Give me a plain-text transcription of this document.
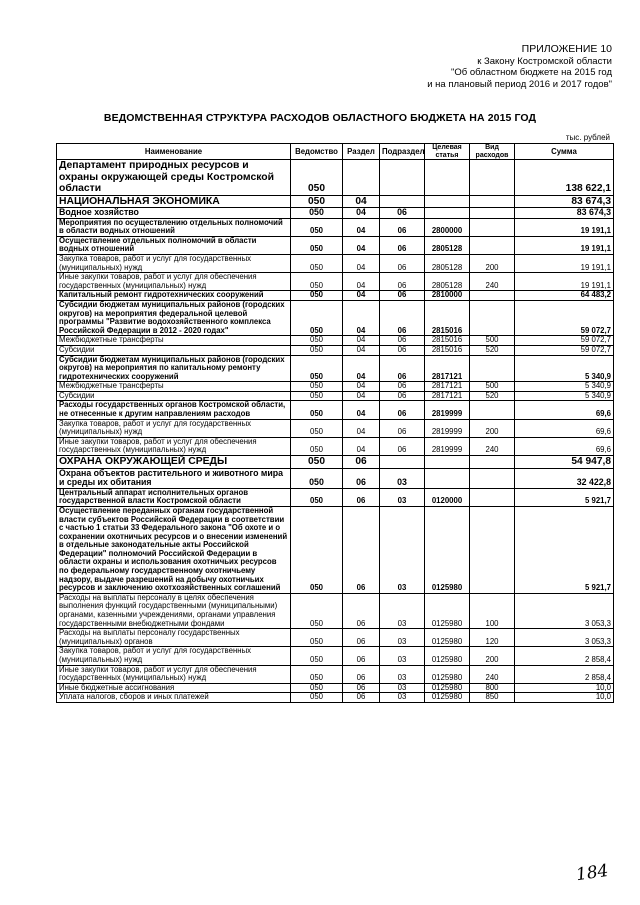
ПРИЛОЖЕНИЕ 10
к Закону Костромской области
"Об областном бюджете на 2015 год
и на плановый период 2016 и 2017 годов"
ВЕДОМСТВЕННАЯ СТРУКТУРА РАСХОДОВ ОБЛАСТНОГО БЮДЖЕТА НА 2015 ГОД
тыс. рублей
Наименование	Ведомство	Раздел	Подраздел	Целевая статья	Вид расходов	Сумма
Департамент природных ресурсов и охраны окружающей среды Костромской области	050					138 622,1
НАЦИОНАЛЬНАЯ ЭКОНОМИКА	050	04				83 674,3
Водное хозяйство	050	04	06			83 674,3
Мероприятия по осуществлению отдельных полномочий в области водных отношений	050	04	06	2800000		19 191,1
Осуществление отдельных полномочий в области водных отношений	050	04	06	2805128		19 191,1
Закупка товаров, работ и услуг для государственных (муниципальных) нужд	050	04	06	2805128	200	19 191,1
Иные закупки товаров, работ и услуг для обеспечения государственных (муниципальных) нужд	050	04	06	2805128	240	19 191,1
Капитальный ремонт гидротехнических сооружений	050	04	06	2810000		64 483,2
Субсидии бюджетам муниципальных районов (городских округов) на мероприятия федеральной целевой программы "Развитие водохозяйственного комплекса Российской Федерации в 2012 - 2020 годах"	050	04	06	2815016		59 072,7
Межбюджетные трансферты	050	04	06	2815016	500	59 072,7
Субсидии	050	04	06	2815016	520	59 072,7
Субсидии бюджетам муниципальных районов (городских округов) на мероприятия по капитальному ремонту гидротехнических сооружений	050	04	06	2817121		5 340,9
Межбюджетные трансферты	050	04	06	2817121	500	5 340,9
Субсидии	050	04	06	2817121	520	5 340,9
Расходы государственных органов Костромской области, не отнесенные к другим направлениям расходов	050	04	06	2819999		69,6
Закупка товаров, работ и услуг для государственных (муниципальных) нужд	050	04	06	2819999	200	69,6
Иные закупки товаров, работ и услуг для обеспечения государственных (муниципальных) нужд	050	04	06	2819999	240	69,6
ОХРАНА ОКРУЖАЮЩЕЙ СРЕДЫ	050	06				54 947,8
Охрана объектов растительного и животного мира и среды их обитания	050	06	03			32 422,8
Центральный аппарат исполнительных органов государственной власти Костромской области	050	06	03	0120000		5 921,7
Осуществление переданных органам государственной власти субъектов Российской Федерации в соответствии с частью 1 статьи 33 Федерального закона "Об охоте и о сохранении охотничьих ресурсов и о внесении изменений в отдельные законодательные акты Российской Федерации" полномочий Российской Федерации в области охраны и использования охотничьих ресурсов по федеральному государственному охотничьему надзору, выдаче разрешений на добычу охотничьих ресурсов и заключению охотхозяйственных соглашений	050	06	03	0125980		5 921,7
Расходы на выплаты персоналу в целях обеспечения выполнения функций государственными (муниципальными) органами, казенными учреждениями, органами управления государственными внебюджетными фондами	050	06	03	0125980	100	3 053,3
Расходы на выплаты персоналу государственных (муниципальных) органов	050	06	03	0125980	120	3 053,3
Закупка товаров, работ и услуг для государственных (муниципальных) нужд	050	06	03	0125980	200	2 858,4
Иные закупки товаров, работ и услуг для обеспечения государственных (муниципальных) нужд	050	06	03	0125980	240	2 858,4
Иные бюджетные ассигнования	050	06	03	0125980	800	10,0
Уплата налогов, сборов и иных платежей	050	06	03	0125980	850	10,0
184
